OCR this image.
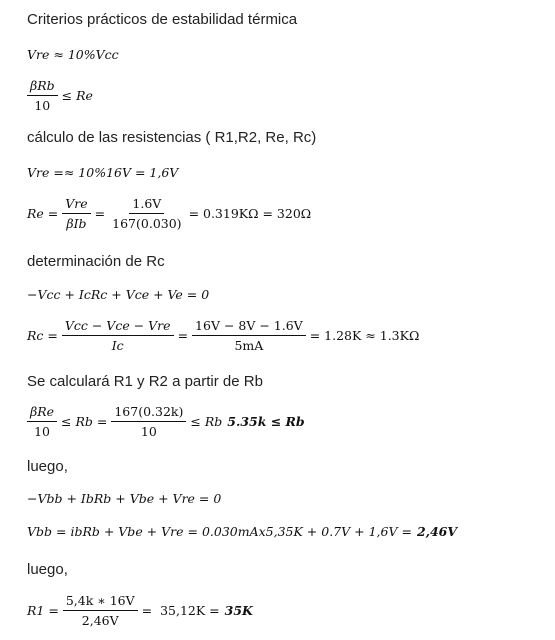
Criterios prácticos de estabilidad térmica
Vre ≈ 10%Vcc
$\frac{\text{βRb}}{10} \le Re$
cálculo de las resistencias ( R1,R2, Re, Rc)
Vre =≈ 10%16V = 1,6V
$Re = \frac{\text{Vre}}{\text{βIb}} = \frac{1.6V}{167(0.030)} = 0.319K\Omega = 320\Omega$
determinación de Rc
−Vcc + IcRc + Vce + Ve = 0
$Rc = \frac{\text{Vcc − Vce − Vre}}{Ic} = \frac{16V - 8V - 1.6V}{5mA} = 1.28K \approx 1.3K\Omega$
Se calculará R1 y R2 a partir de Rb
$\frac{\text{βRe}}{10} \le Rb = \frac{167(0.32k)}{10} \le Rb$ 5.35k ≤ Rb
luego,
−Vbb + IbRb + Vbe + Vre = 0
Vbb = ibRb + Vbe + Vre = 0.030mAx5,35K + 0.7V + 1,6V = 2,46V
luego,
$R1 = \frac{5,4k ∗ 16V}{2,46V} = 35,12K = 35K$
